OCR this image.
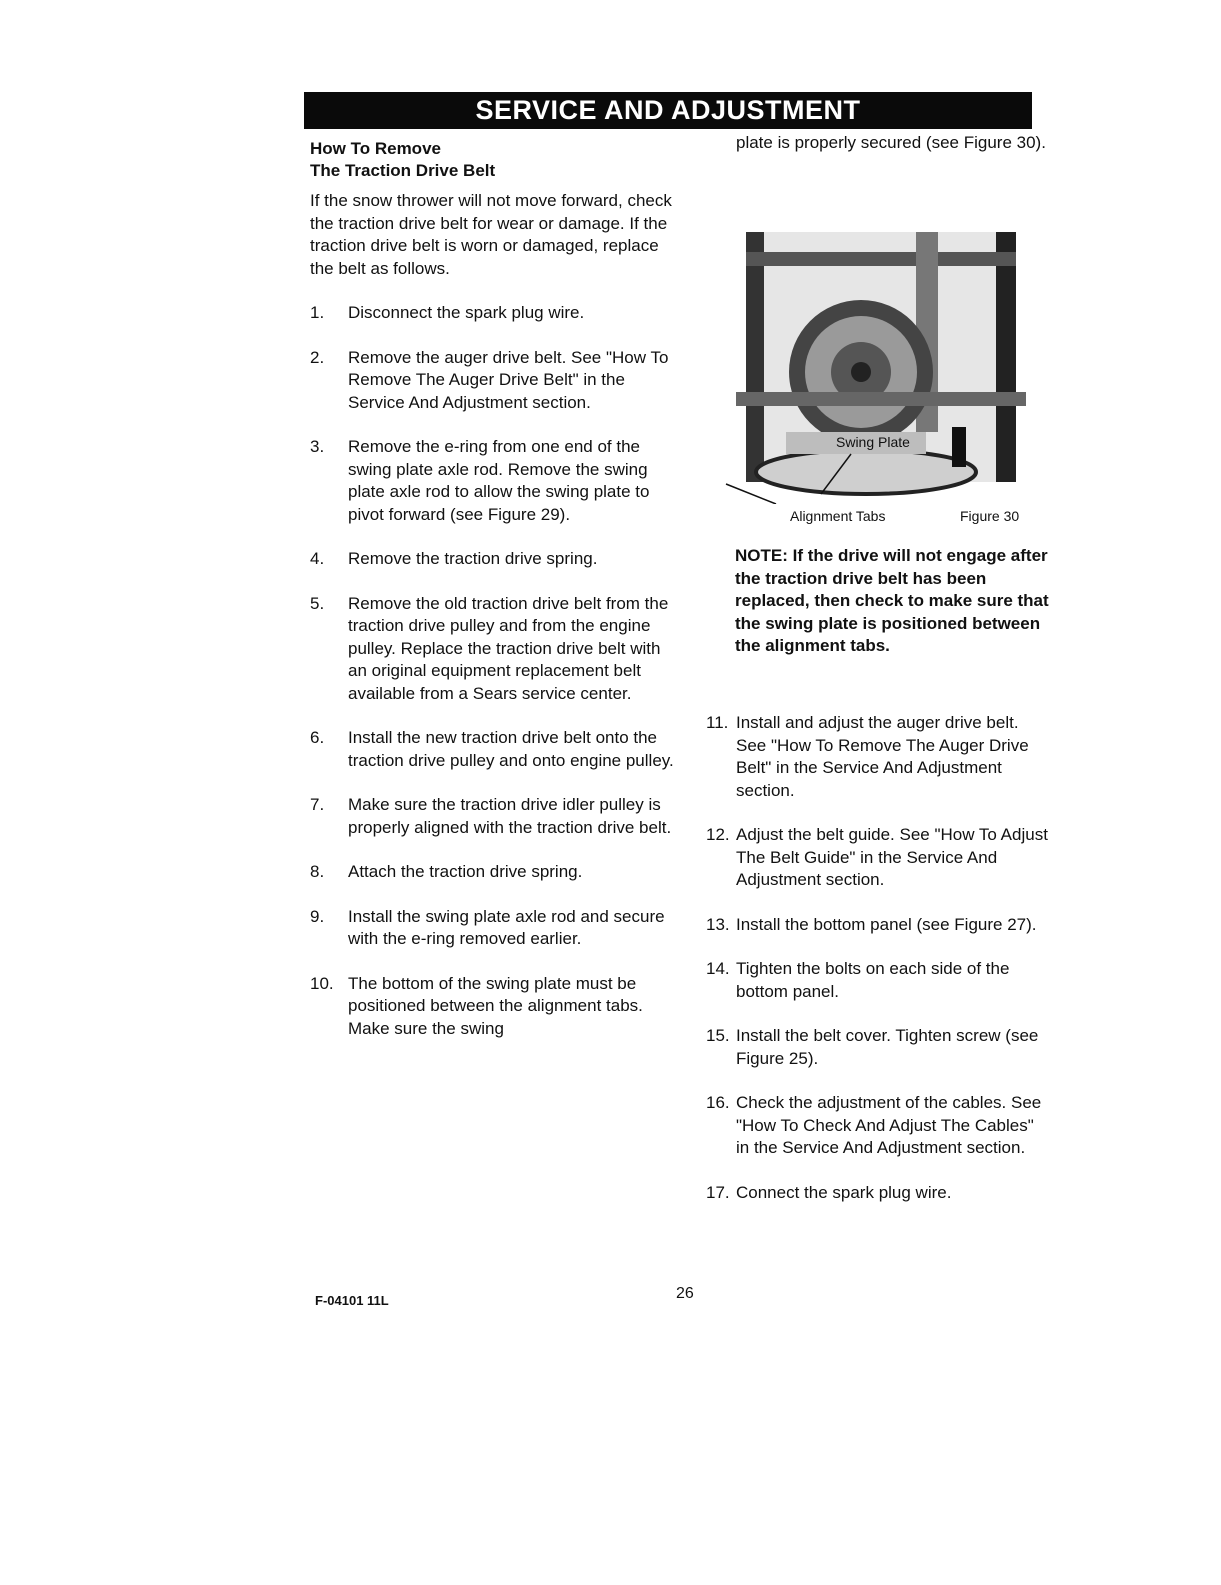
SERVICE AND ADJUSTMENT
How To Remove
The Traction Drive Belt

If the snow thrower will not move forward, check the traction drive belt for wear or damage. If the traction drive belt is worn or damaged, replace the belt as follows.

1.	Disconnect the spark plug wire.
2.	Remove the auger drive belt. See "How To Remove The Auger Drive Belt" in the Service And Adjustment section.
3.	Remove the e-ring from one end of the swing plate axle rod. Remove the swing plate axle rod to allow the swing plate to pivot forward (see Figure 29).
4.	Remove the traction drive spring.
5.	Remove the old traction drive belt from the traction drive pulley and from the engine pulley. Replace the traction drive belt with an original equipment replacement belt available from a Sears service center.
6.	Install the new traction drive belt onto the traction drive pulley and onto engine pulley.
7.	Make sure the traction drive idler pulley is properly aligned with the traction drive belt.
8.	Attach the traction drive spring.
9.	Install the swing plate axle rod and secure with the e-ring removed earlier.
10. The bottom of the swing plate must be positioned between the alignment tabs. Make sure the swing

plate is properly secured (see Figure 30).

Swing Plate
Alignment Tabs	Figure 30
NOTE: If the drive will not engage after the traction drive belt has been replaced, then check to make sure that the swing plate is positioned between the alignment tabs.
11. Install and adjust the auger drive belt. See "How To Remove The Auger Drive Belt" in the Service And Adjustment section.
12. Adjust the belt guide. See "How To Adjust The Belt Guide" in the Service And Adjustment section.
13. Install the bottom panel (see Figure 27).
14. Tighten the bolts on each side of the bottom panel.
15. Install the belt cover. Tighten screw (see Figure 25).
16. Check the adjustment of the cables. See "How To Check And Adjust The Cables" in the Service And Adjustment section.
17. Connect the spark plug wire.
F-04101 11L	26
